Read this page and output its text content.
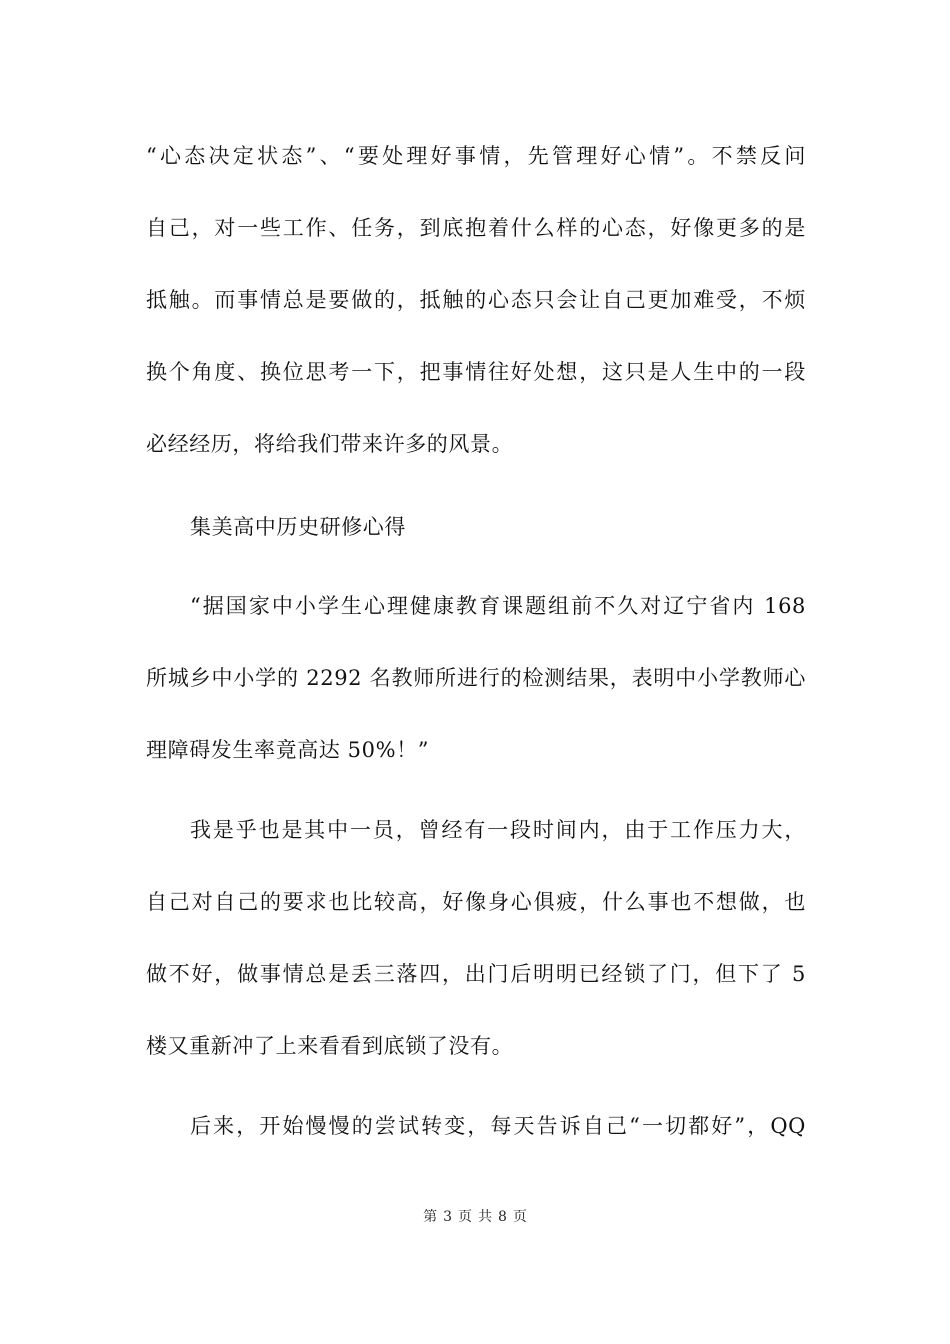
“心态决定状态”、“要处理好事情，先管理好心情”。不禁反问
自己，对一些工作、任务，到底抱着什么样的心态，好像更多的是
抵触。而事情总是要做的，抵触的心态只会让自己更加难受，不烦
换个角度、换位思考一下，把事情往好处想，这只是人生中的一段
必经经历，将给我们带来许多的风景。
集美高中历史研修心得
“据国家中小学生心理健康教育课题组前不久对辽宁省内 168
所城乡中小学的 2292 名教师所进行的检测结果，表明中小学教师心
理障碍发生率竟高达 50%！”
我是乎也是其中一员，曾经有一段时间内，由于工作压力大，
自己对自己的要求也比较高，好像身心俱疲，什么事也不想做，也
做不好，做事情总是丢三落四，出门后明明已经锁了门，但下了 5
楼又重新冲了上来看看到底锁了没有。
后来，开始慢慢的尝试转变，每天告诉自己“一切都好”，QQ
第 3 页 共 8 页
